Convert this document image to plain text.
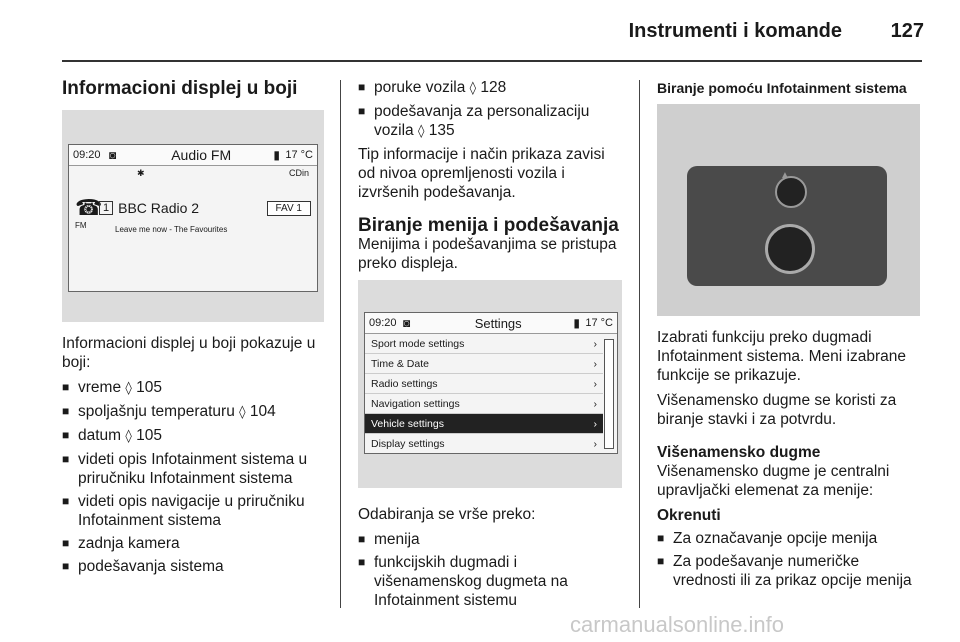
Instrumenti i komande 127
Informacioni displej u boji
09:20 ◙	Audio FM	▮ 17 °C
✱	CDin
☎ 1 BBC Radio 2	FAV 1
FM	Leave me now - The Favourites

Informacioni displej u boji pokazuje u boji:

■ vreme ◊ 105
■ spoljašnju temperaturu ◊ 104
■ datum ◊ 105
■ videti opis Infotainment sistema u priručniku Infotainment sistema
■ videti opis navigacije u priručniku Infotainment sistema
■ zadnja kamera
■ podešavanja sistema
■ poruke vozila ◊ 128
■ podešavanja za personalizaciju vozila ◊ 135

Tip informacije i način prikaza zavisi od nivoa opremljenosti vozila i izvršenih podešavanja.

Biranje menija i podešavanja

Menijima i podešavanjima se pristupa preko displeja.

09:20 ◙	Settings	▮ 17 °C
Sport mode settings	›
Time & Date	›
Radio settings	›
Navigation settings	›
Vehicle settings	›
Display settings	›

Odabiranja se vrše preko:

■ menija
■ funkcijskih dugmadi i višenamenskog dugmeta na Infotainment sistemu
Biranje pomoću Infotainment sistema
▲

Izabrati funkciju preko dugmadi Infotainment sistema. Meni izabrane funkcije se prikazuje.

Višenamensko dugme se koristi za biranje stavki i za potvrdu.

Višenamensko dugme

Višenamensko dugme je centralni upravljački elemenat za menije:

Okrenuti
■ Za označavanje opcije menija
■ Za podešavanje numeričke vrednosti ili za prikaz opcije menija
carmanualsonline.info
